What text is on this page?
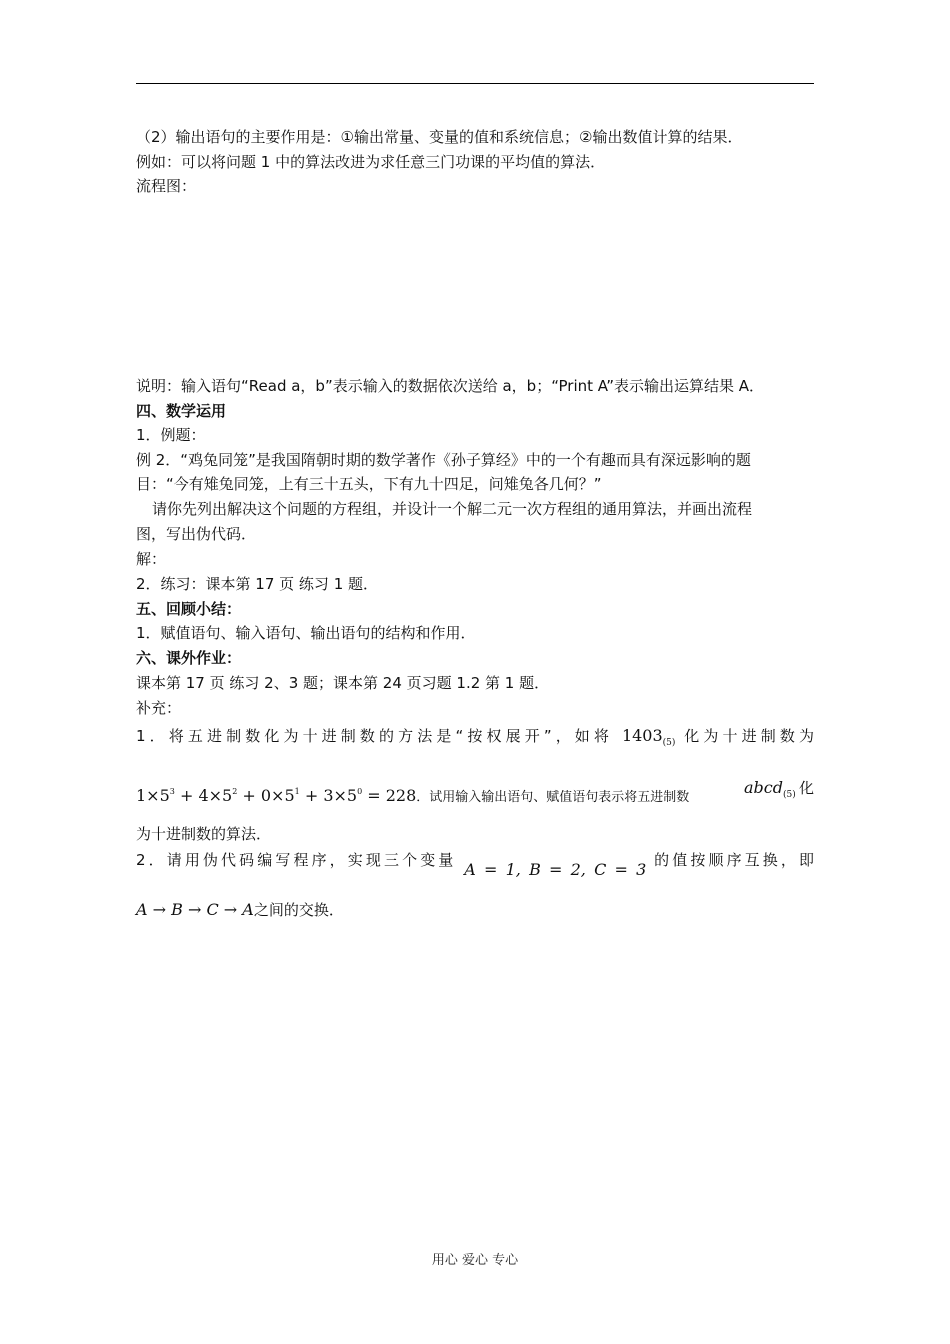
（2）输出语句的主要作用是：①输出常量、变量的值和系统信息；②输出数值计算的结果．
例如：可以将问题 1 中的算法改进为求任意三门功课的平均值的算法．
流程图：
说明：输入语句“Read a，b”表示输入的数据依次送给 a，b；“Print A”表示输出运算结果 A．
四、数学运用
1．例题：
例 2．“鸡兔同笼”是我国隋朝时期的数学著作《孙子算经》中的一个有趣而具有深远影响的题
目：“今有雉兔同笼，上有三十五头，下有九十四足，问雉兔各几何？”
请你先列出解决这个问题的方程组，并设计一个解二元一次方程组的通用算法，并画出流程
图，写出伪代码．
解：
2．练习：课本第 17 页 练习 1 题．
五、回顾小结：
1．赋值语句、输入语句、输出语句的结构和作用．
六、课外作业：
课本第 17 页 练习 2、3 题；课本第 24 页习题 1.2 第 1 题．
补充：
1．将五进制数化为十进制数的方法是“按权展开”，如将 $1403_{(5)}$ 化为十进制数为
$1\times 5^3 + 4\times 5^2 + 0\times 5^1 + 3\times 5^0 = 228$．试用输入输出语句、赋值语句表示将五进制数
abcd$_{(5)}$ 化
为十进制数的算法．
2．请用伪代码编写程序，实现三个变量 A = 1, B = 2, C = 3 的值按顺序互换，即
A → B → C → A之间的交换．
用心 爱心 专心
